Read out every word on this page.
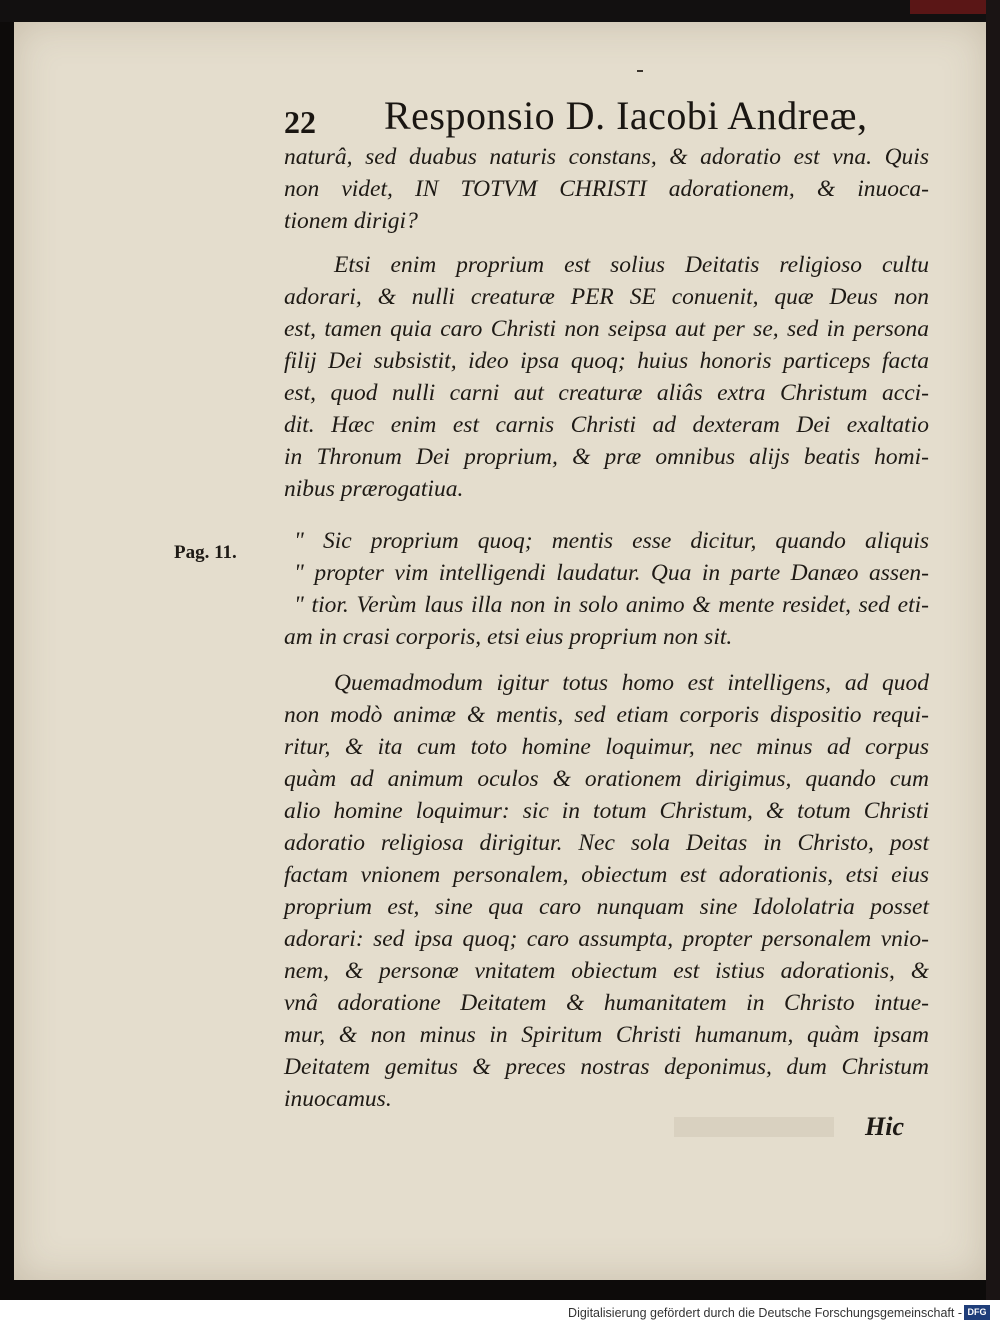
22 Responsio D. Iacobi Andreæ,
Pag. 11.
naturâ, sed duabus naturis constans, & adoratio est vna. Quis
non videt, IN TOTVM CHRISTI adorationem, & inuoca-
tionem dirigi?
Etsi enim proprium est solius Deitatis religioso cultu
adorari, & nulli creaturæ PER SE conuenit, quæ Deus non
est, tamen quia caro Christi non seipsa aut per se, sed in persona
filij Dei subsistit, ideo ipsa quoq; huius honoris particeps facta
est, quod nulli carni aut creaturæ aliâs extra Christum acci-
dit. Hæc enim est carnis Christi ad dexteram Dei exaltatio
in Thronum Dei proprium, & præ omnibus alijs beatis homi-
nibus prærogatiua.
" Sic proprium quoq; mentis esse dicitur, quando aliquis
" propter vim intelligendi laudatur. Qua in parte Danæo assen-
" tior. Verùm laus illa non in solo animo & mente residet, sed eti-
am in crasi corporis, etsi eius proprium non sit.
Quemadmodum igitur totus homo est intelligens, ad quod
non modò animæ & mentis, sed etiam corporis dispositio requi-
ritur, & ita cum toto homine loquimur, nec minus ad corpus
quàm ad animum oculos & orationem dirigimus, quando cum
alio homine loquimur: sic in totum Christum, & totum Christi
adoratio religiosa dirigitur. Nec sola Deitas in Christo, post
factam vnionem personalem, obiectum est adorationis, etsi eius
proprium est, sine qua caro nunquam sine Idololatria posset
adorari: sed ipsa quoq; caro assumpta, propter personalem vnio-
nem, & personæ vnitatem obiectum est istius adorationis, &
vnâ adoratione Deitatem & humanitatem in Christo intue-
mur, & non minus in Spiritum Christi humanum, quàm ipsam
Deitatem gemitus & preces nostras deponimus, dum Christum
inuocamus.
Hic
Digitalisierung gefördert durch die Deutsche Forschungsgemeinschaft - DFG
